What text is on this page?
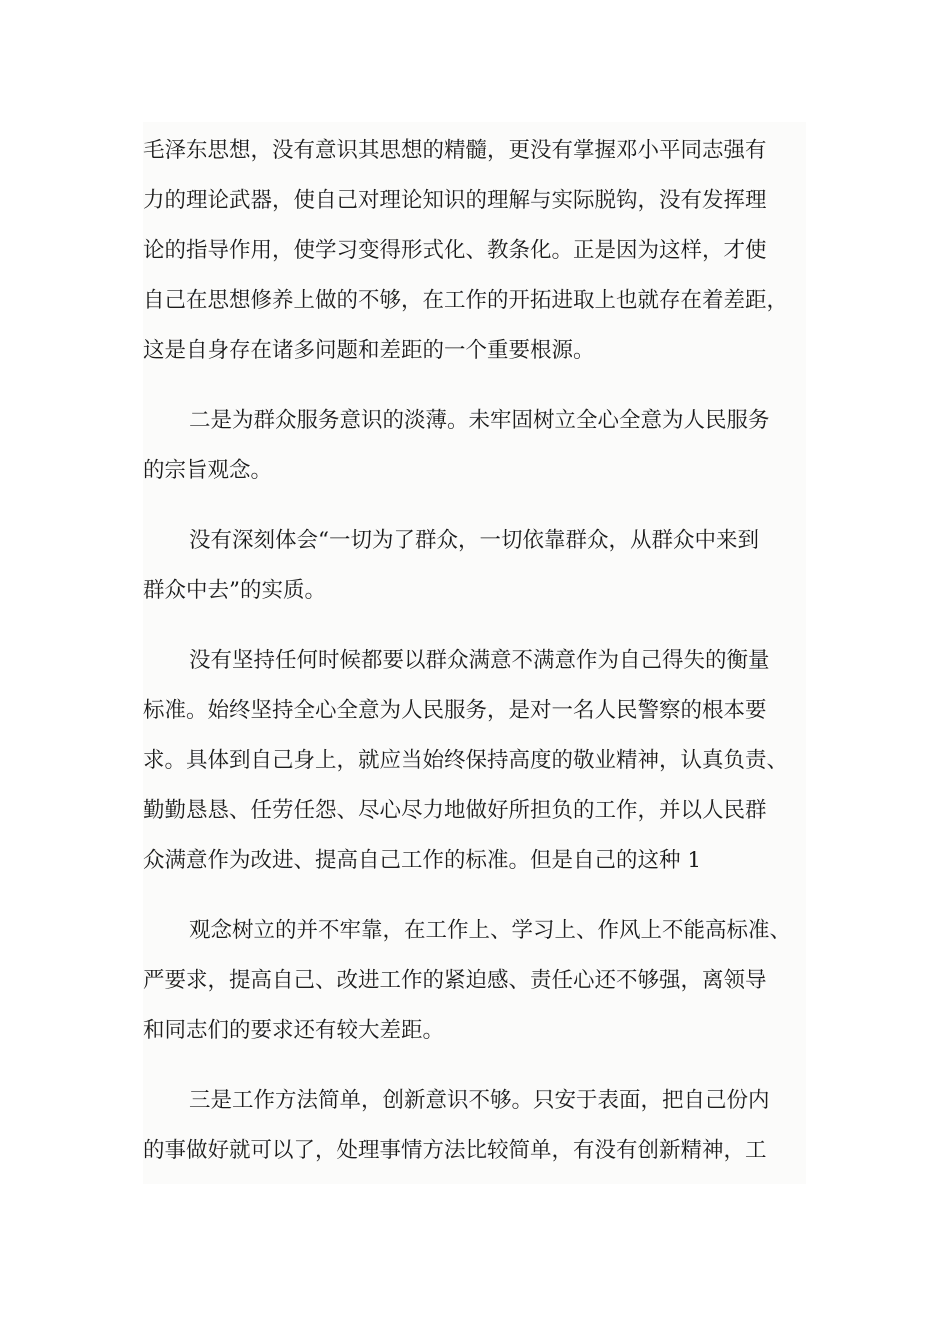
毛泽东思想，没有意识其思想的精髓，更没有掌握邓小平同志强有
力的理论武器，使自己对理论知识的理解与实际脱钩，没有发挥理
论的指导作用，使学习变得形式化、教条化。正是因为这样，才使
自己在思想修养上做的不够，在工作的开拓进取上也就存在着差距，
这是自身存在诸多问题和差距的一个重要根源。

二是为群众服务意识的淡薄。未牢固树立全心全意为人民服务
的宗旨观念。

没有深刻体会“一切为了群众，一切依靠群众，从群众中来到
群众中去”的实质。

没有坚持任何时候都要以群众满意不满意作为自己得失的衡量
标准。始终坚持全心全意为人民服务，是对一名人民警察的根本要
求。具体到自己身上，就应当始终保持高度的敬业精神，认真负责、
勤勤恳恳、任劳任怨、尽心尽力地做好所担负的工作，并以人民群
众满意作为改进、提高自己工作的标准。但是自己的这种 1

观念树立的并不牢靠，在工作上、学习上、作风上不能高标准、
严要求，提高自己、改进工作的紧迫感、责任心还不够强，离领导
和同志们的要求还有较大差距。

三是工作方法简单，创新意识不够。只安于表面，把自己份内
的事做好就可以了，处理事情方法比较简单，有没有创新精神，工
